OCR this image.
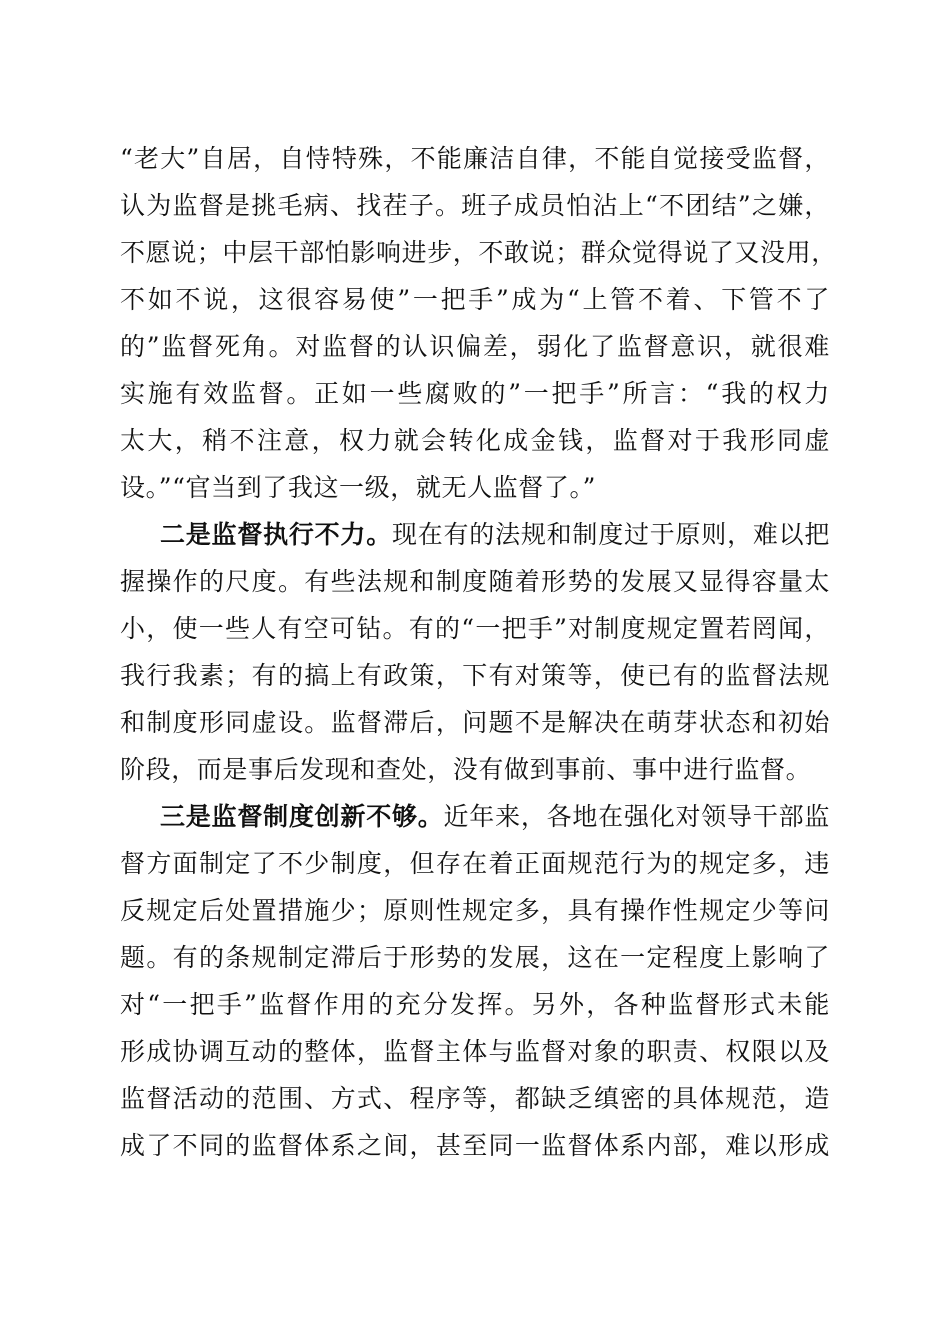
“老大”自居，自恃特殊，不能廉洁自律，不能自觉接受监督，
认为监督是挑毛病、找茬子。班子成员怕沾上“不团结”之嫌，
不愿说；中层干部怕影响进步，不敢说；群众觉得说了又没用，
不如不说，这很容易使”一把手”成为“上管不着、下管不了
的”监督死角。对监督的认识偏差，弱化了监督意识，就很难
实施有效监督。正如一些腐败的”一把手”所言：“我的权力
太大，稍不注意，权力就会转化成金钱，监督对于我形同虚
设。”“官当到了我这一级，就无人监督了。”
二是监督执行不力。现在有的法规和制度过于原则，难以把
握操作的尺度。有些法规和制度随着形势的发展又显得容量太
小，使一些人有空可钻。有的“一把手”对制度规定置若罔闻，
我行我素；有的搞上有政策，下有对策等，使已有的监督法规
和制度形同虚设。监督滞后，问题不是解决在萌芽状态和初始
阶段，而是事后发现和查处，没有做到事前、事中进行监督。
三是监督制度创新不够。近年来，各地在强化对领导干部监
督方面制定了不少制度，但存在着正面规范行为的规定多，违
反规定后处置措施少；原则性规定多，具有操作性规定少等问
题。有的条规制定滞后于形势的发展，这在一定程度上影响了
对“一把手”监督作用的充分发挥。另外，各种监督形式未能
形成协调互动的整体，监督主体与监督对象的职责、权限以及
监督活动的范围、方式、程序等，都缺乏缜密的具体规范，造
成了不同的监督体系之间，甚至同一监督体系内部，难以形成
